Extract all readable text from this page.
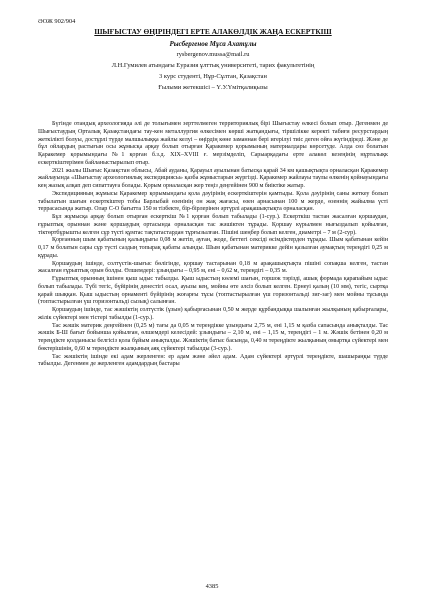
ӘОЖ 902/904
ШЫҒЫСТАУ ӨҢІРІНДЕГІ ЕРТЕ АЛАКӨЛДІК ЖАҢА ЕСКЕРТКІШ
Рысбергенов Мұса Ахатұлы
rysbergenov.mussa@mail.ru
Л.Н.Гумилев атындағы Еуразия ұлттық университеті, тарих факультетінің
3 курс студенті, Нұр-Сұлтан, Қазақстан
Ғылыми жетекшісі – Ү.У.Үмітқалиқызы

Бүгінде отандық археологияда әлі де толығымен зерттелмеген территориялық бірі Шығыстау өлкесі болып отыр. Дегенмен де Шығыстаудың Орталық Қазақстандағы тау-кен металлургия өлкесімен көрші жатқандығы, тіршілікке керекті табиғи ресурстардың жеткілікті болуы, достұрлі түрде малшылыққа жайлы келуі – өңірдің көне заманнан бері игерілуі тиіс деген ойға жүгіндіреді. Және де бұл ойлардың растығын осы жұмысқа арқау болып отырған Қаракемер қорымының материалдары көрсетуде. Алда сөз болатын Қаракемер қорымындағы №1 қорған б.з.д. XIX–XVIII ғ. мерзімделіп, Сарыарқадағы ерте алакөл кезеңінің нұрталықк ескерткіштерімен байланыстырылып отыр.

2021 жылы Шығыс Қазақстан облысы, Абай ауданы, Қарауыл ауылынан батысқа қарай 34 км қашықтықта орналасқан Қаракемер жайлауында «Шығыстау археологиялық экспедициясы» қазба жұмыстарын жүргізді. Қаракемер жайлауы таулы өлкенің қойнауындағы кең жазық алқап деп сипаттауға болады. Қорым орналасқан жер теңіз деңгейінен 900 м биіктіке жатыр.

Экспедицияның жұмысы Қаракемер қорымындағы қола дәуірінің ескерткіштерін қамтыды. Қола дәуірінің саны жеткеу болып табылатын шағын ескерткіштер тобы Барлыбай өзенінің он жақ жағасы, өзен арнасынан 100 м жерде, өзеннің жайылма үсті террасасында жатыр. Олар С-О бағытта 150 м тізбекте, бір-бірлерінен әртүрлі арақашықтықта орналасқан.

Бұл жұмысқа арқау болып отырған ескерткіш №1 қорған болып табылады (1-сур.). Ескерткіш тастан жасалған қоршаудан, ғұрыптық орыннан және қоршаудың ортасында орналасқан тас жәшіктен тұрады. Қоршау күрылмен нығыздалып қойылған, тіктөртбұрышты келген сұр түсті құмтас тақтатастардан тұрғызылған. Пішіні шеңбер болып келген, диаметрі – 7 м (2-сур).

Қорғанның шым қабатының қалыңдығы 0,08 м жетіп, ауған, жоде, беттегі сексіді өсімдіктерден тұрады. Шым қабатынан кейін 0,17 м болатын сары сұр түсті саздың топырақ қабаты алынды. Шым қабатынан материкке дейін қазылған аумақтың тереңдігі 0,25 м құрады.

Қоршаудың ішінде, солтүстік-шығыс бөлігінде, қоршау тастарынан 0,18 м арақашықтықта пішіні сопақша келген, тастан жасалған ғұрыптық орын болды. Өлшемдері: ұзындығы – 0,95 м, ені – 0,62 м, тереңдігі – 0,35 м.

Ғұрыптық орынның ішінен қыш ыдыс табылды. Қыш ыдыстың көлемі шағын, горшок тәрізді, ашық формада қарапайым ыдыс болып табылады. Түбі тегіс, бүйірінің денестігі осал, ауызы кең, мойны өте әлсіз болып келген. Ернеуі қалың (10 мм), тегіс, сыртқа қарай шыққан. Қыш ыдыстың орнаменті бүйірінің жоғарғы тұсы (топтастырылған үш горизонтальді зиг-заг) мен мойны тұсында (топтастырылған үш горизонтальді сызық) салынған.

Қоршаудың ішінде, тас жәшіктің солтүстік (ұзын) қабырғасынан 0,50 м жерде құрбандыққа шалынған жылқының қабырғалары, жілік сүйектері мен тістері табылды (1-сур.).

Тас жәшік материк деңгейінен (0,25 м) тағы да 0,05 м тереңдікке ұзындығы 2,75 м, ені 1,15 м қазба сапасында анықталды. Тас жәшік Б-Ш бағыт бойынша қойылған, өлшемдері келесідей: ұзындығы – 2,10 м, ені – 1,15 м, тереңдігі – 1 м. Жәшік бетінен 0,20 м тереңдікте қолданысы белгісіз қола бұйым анықталды. Жәшіктің батыс басында, 0,40 м тереңдікте жылқының омыртқа сүйектері мен бөктерішінің, 0,60 м тереңдікте жылқының аяқ сүйектері табылды (3-сур.).

Тас жәшіктің ішінде екі адам жерленген: ер адам және әйел адам. Адам сүйектері әртүрлі тереңдікте, шашыраңқы түрде табылды. Дегенмен де жерленген адамдардың бастары

4385
